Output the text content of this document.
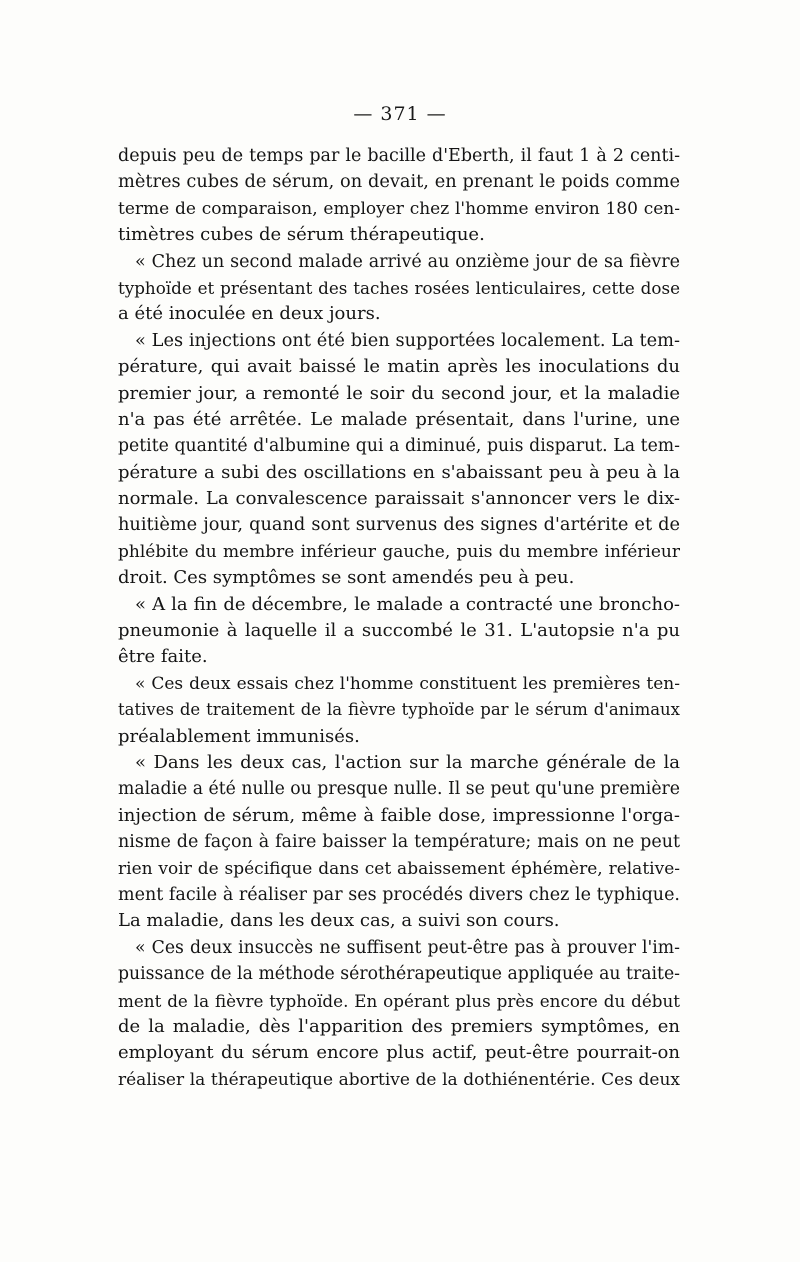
— 371 —
depuis peu de temps par le bacille d'Eberth, il faut 1 à 2 centi-
mètres cubes de sérum, on devait, en prenant le poids comme
terme de comparaison, employer chez l'homme environ 180 cen-
timètres cubes de sérum thérapeutique.
« Chez un second malade arrivé au onzième jour de sa fièvre
typhoïde et présentant des taches rosées lenticulaires, cette dose
a été inoculée en deux jours.
« Les injections ont été bien supportées localement. La tem-
pérature, qui avait baissé le matin après les inoculations du
premier jour, a remonté le soir du second jour, et la maladie
n'a pas été arrêtée. Le malade présentait, dans l'urine, une
petite quantité d'albumine qui a diminué, puis disparut. La tem-
pérature a subi des oscillations en s'abaissant peu à peu à la
normale. La convalescence paraissait s'annoncer vers le dix-
huitième jour, quand sont survenus des signes d'artérite et de
phlébite du membre inférieur gauche, puis du membre inférieur
droit. Ces symptômes se sont amendés peu à peu.
« A la fin de décembre, le malade a contracté une broncho-
pneumonie à laquelle il a succombé le 31. L'autopsie n'a pu
être faite.
« Ces deux essais chez l'homme constituent les premières ten-
tatives de traitement de la fièvre typhoïde par le sérum d'animaux
préalablement immunisés.
« Dans les deux cas, l'action sur la marche générale de la
maladie a été nulle ou presque nulle. Il se peut qu'une première
injection de sérum, même à faible dose, impressionne l'orga-
nisme de façon à faire baisser la température; mais on ne peut
rien voir de spécifique dans cet abaissement éphémère, relative-
ment facile à réaliser par ses procédés divers chez le typhique.
La maladie, dans les deux cas, a suivi son cours.
« Ces deux insuccès ne suffisent peut-être pas à prouver l'im-
puissance de la méthode sérothérapeutique appliquée au traite-
ment de la fièvre typhoïde. En opérant plus près encore du début
de la maladie, dès l'apparition des premiers symptômes, en
employant du sérum encore plus actif, peut-être pourrait-on
réaliser la thérapeutique abortive de la dothiénentérie. Ces deux
